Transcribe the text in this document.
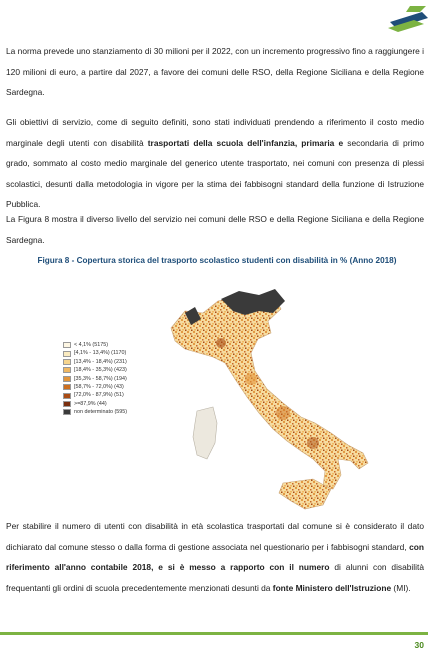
La norma prevede uno stanziamento di 30 milioni per il 2022, con un incremento progressivo fino a raggiungere i 120 milioni di euro, a partire dal 2027, a favore dei comuni delle RSO, della Regione Siciliana e della Regione Sardegna.

Gli obiettivi di servizio, come di seguito definiti, sono stati individuati prendendo a riferimento il costo medio marginale degli utenti con disabilità trasportati della scuola dell'infanzia, primaria e secondaria di primo grado, sommato al costo medio marginale del generico utente trasportato, nei comuni con presenza di plessi scolastici, desunti dalla metodologia in vigore per la stima dei fabbisogni standard della funzione di Istruzione Pubblica.

La Figura 8 mostra il diverso livello del servizio nei comuni delle RSO e della Regione Siciliana e della Regione Sardegna.

Figura 8 - Copertura storica del trasporto scolastico studenti con disabilità in % (Anno 2018)
< 4,1% (5175)
[4,1% - 13,4%) (1170)
[13,4% - 18,4%) (231)
[18,4% - 35,3%) (423)
[35,3% - 58,7%) (194)
[58,7% - 72,0%) (43)
[72,0% - 87,9%) (51)
>=87,9% (44)
non determinato (595)

Per stabilire il numero di utenti con disabilità in età scolastica trasportati dal comune si è considerato il dato dichiarato dal comune stesso o dalla forma di gestione associata nel questionario per i fabbisogni standard, con riferimento all'anno contabile 2018, e si è messo a rapporto con il numero di alunni con disabilità frequentanti gli ordini di scuola precedentemente menzionati desunti da fonte Ministero dell'Istruzione (MI).

30
